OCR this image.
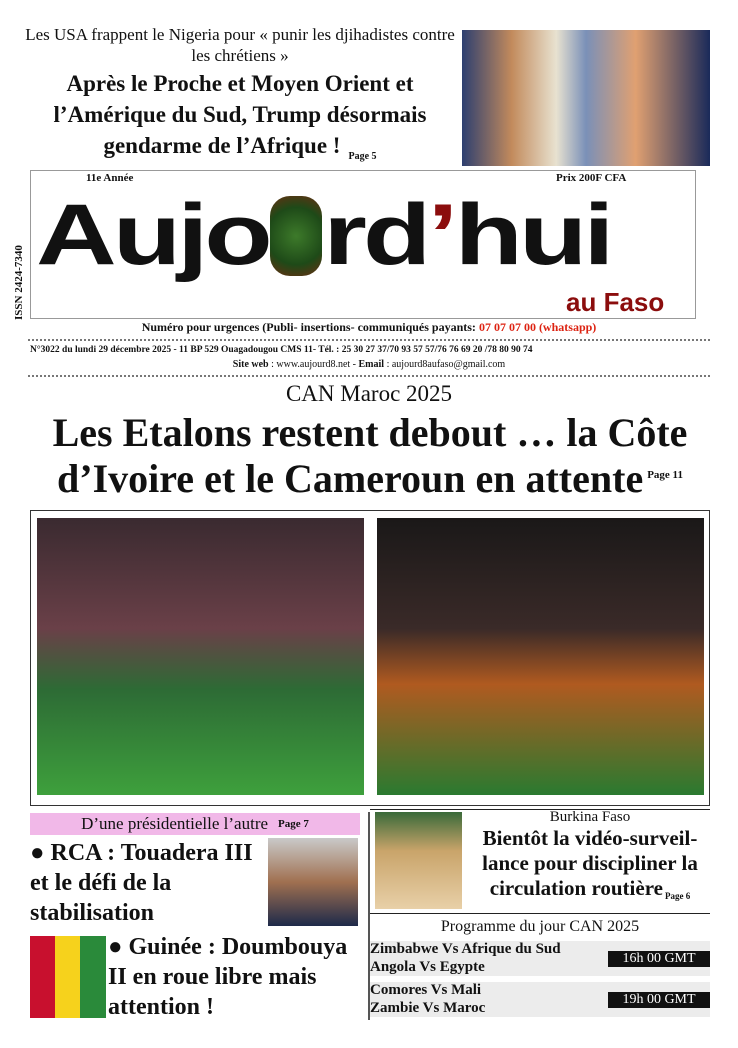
Les USA frappent le Nigeria pour « punir les djihadistes contre les chrétiens »
Après le Proche et Moyen Orient et l’Amérique du Sud, Trump désormais gendarme de l’Afrique ! $_{Page 5}$
ISSN 2424-7340 Aujo rd’hui
11e Année	Prix 200F CFA
au Faso
Numéro pour urgences (Publi- insertions- communiqués payants: 07 07 07 00 (whatsapp)
N°3022 du lundi 29 décembre 2025 - 11 BP 529 Ouagadougou CMS 11- Tél. : 25 30 27 37/70 93 57 57/76 76 69 20 /78 80 90 74
Site web : www.aujourd8.net - Email : aujourd8aufaso@gmail.com
CAN Maroc 2025
Les Etalons restent debout … la Côte d’Ivoire et le Cameroun en attente $^{Page 11}$
D’une présidentielle l’autre Page 7
● RCA : Touadera III et le défi de la stabilisation
● Guinée : Doumbouya II en roue libre mais attention !
Burkina Faso
Bientôt la vidéo-surveil-lance pour discipliner la circulation routière Page 6
Programme du jour CAN 2025
Zimbabwe Vs Afrique du Sud
Angola Vs Egypte
16h 00 GMT
Comores Vs Mali
Zambie Vs Maroc
19h 00 GMT
